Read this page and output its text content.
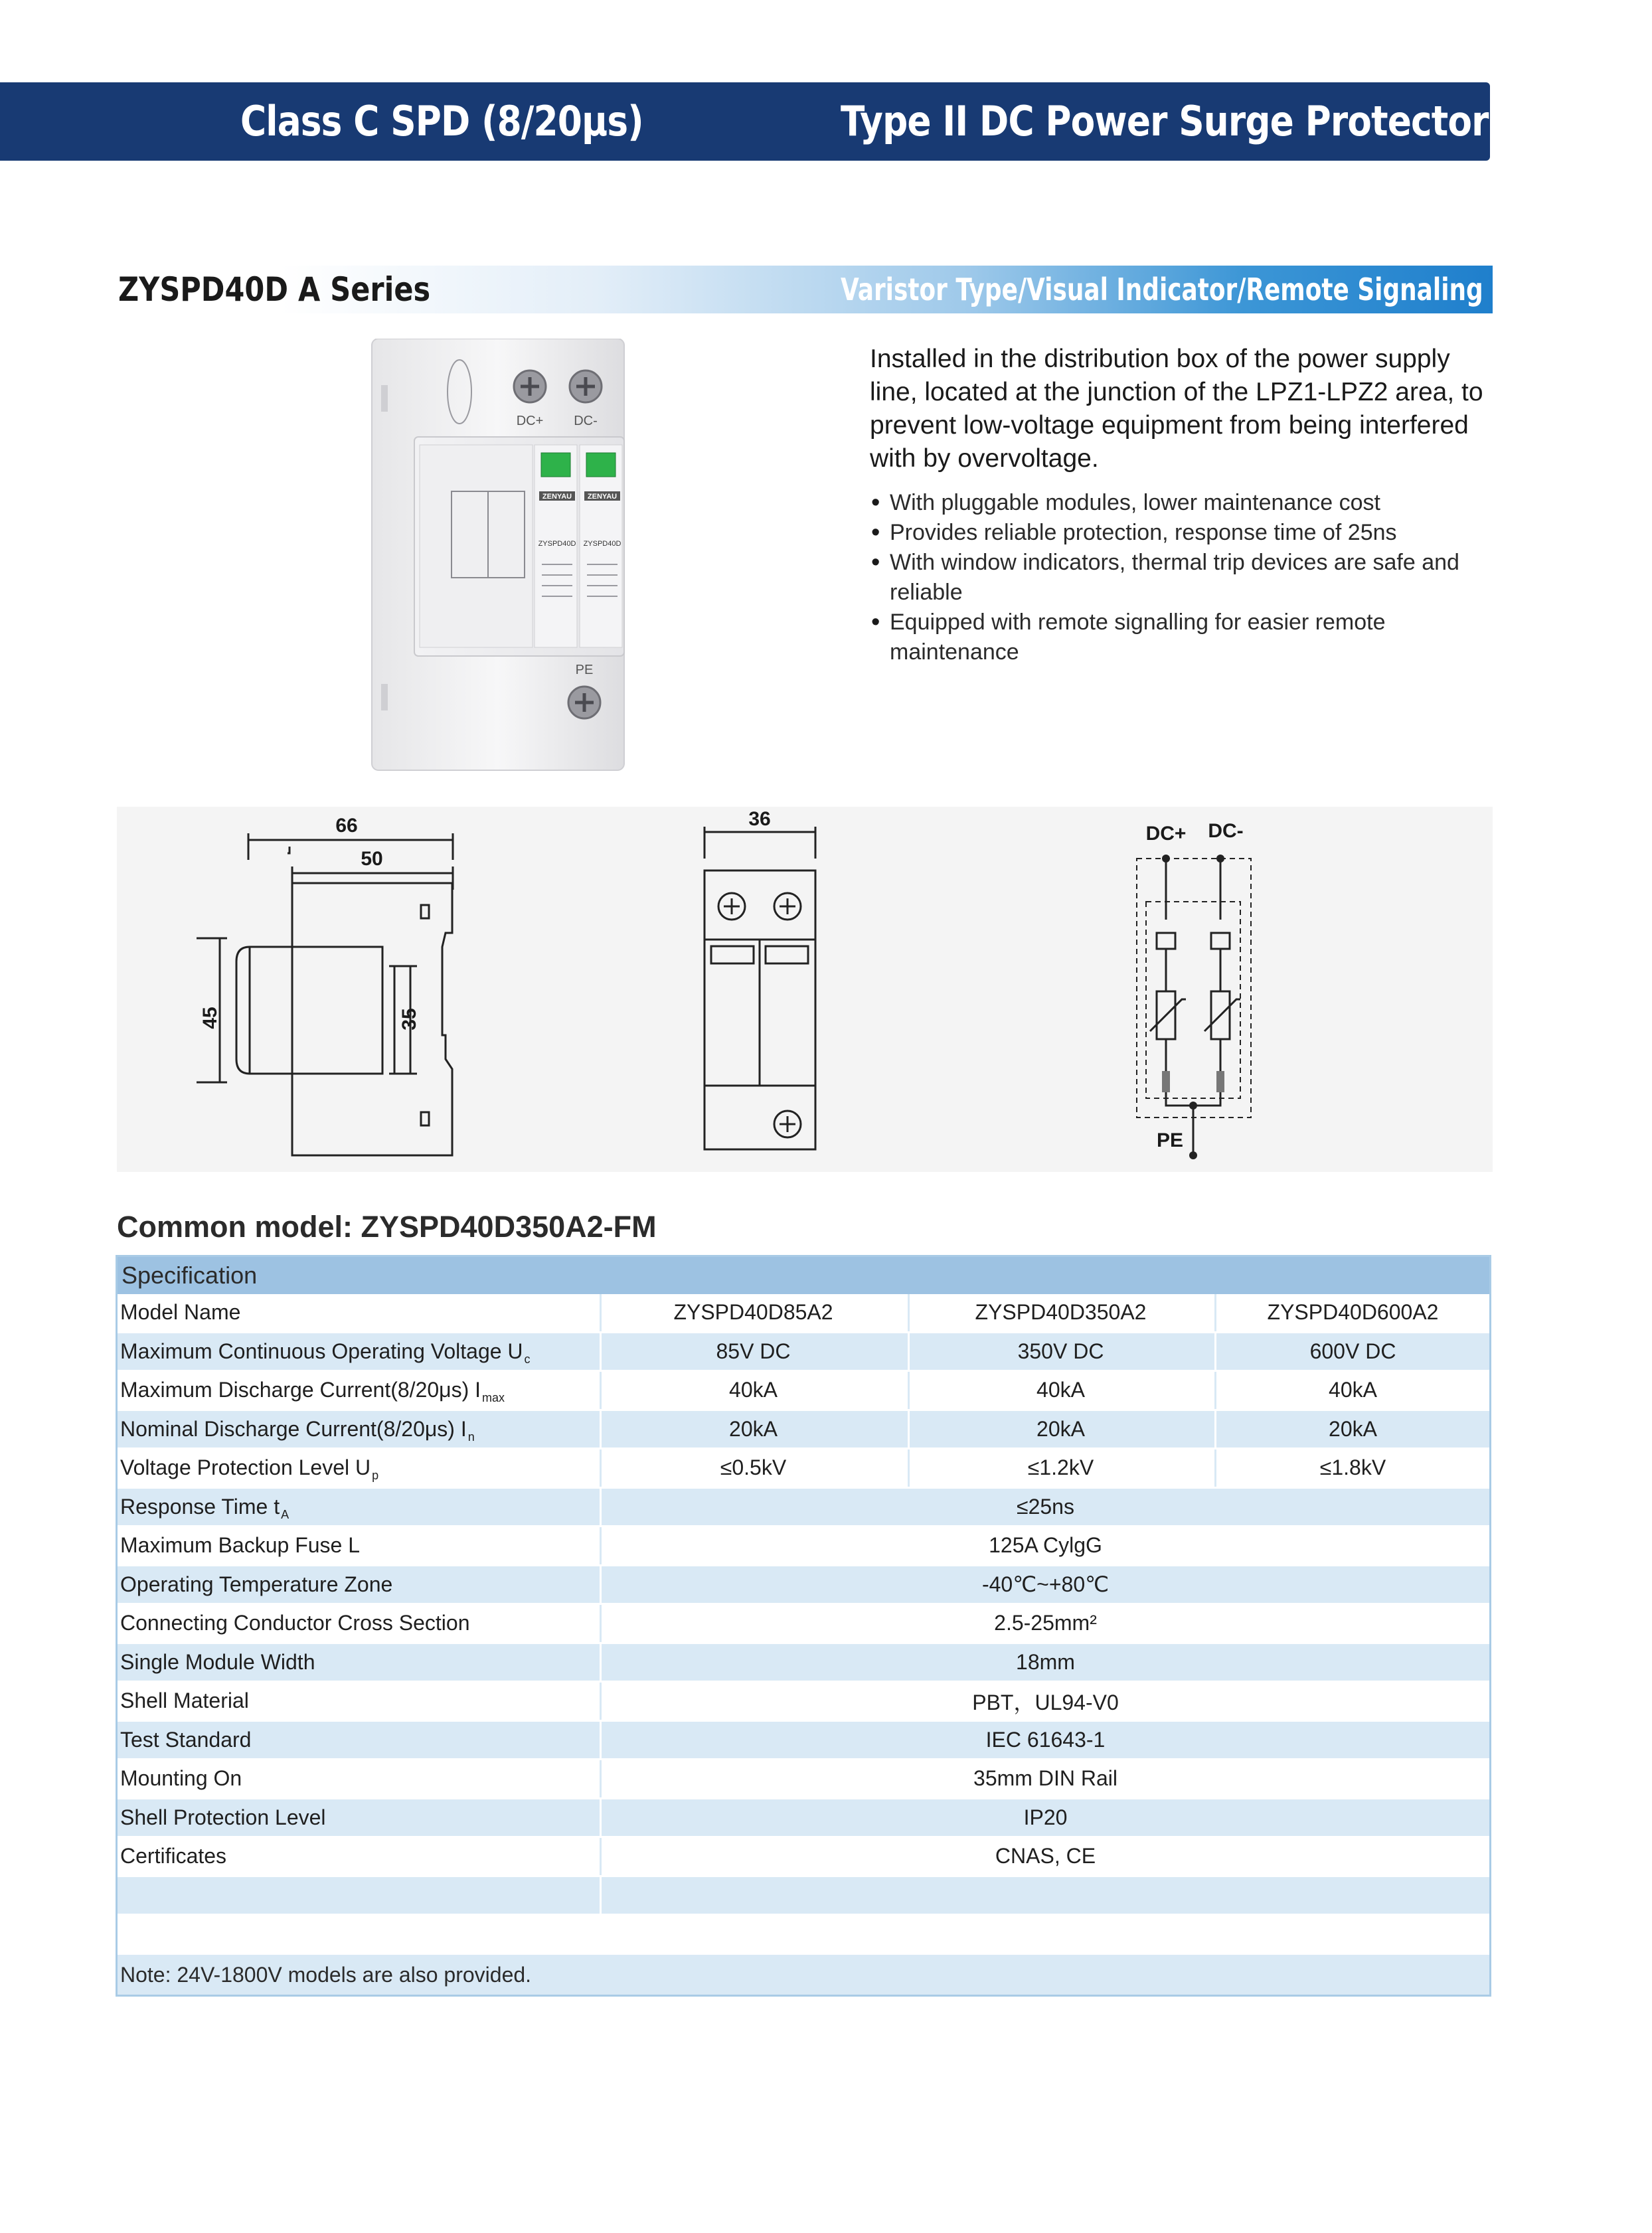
Class C SPD (8/20μs)	Type II DC Power Surge Protector
ZYSPD40D A Series	Varistor Type/Visual Indicator/Remote Signaling
DC+ DC-
ZENYAU ZENYAU
ZYSPD40D ZYSPD40D
PE
Installed in the distribution box of the power supply line, located at the junction of the LPZ1-LPZ2 area, to prevent low-voltage equipment from being interfered with by overvoltage.
• With pluggable modules, lower maintenance cost
• Provides reliable protection, response time of 25ns
• With window indicators, thermal trip devices are safe and reliable
• Equipped with remote signalling for easier remote maintenance
66
50
45	35
36
DC+ DC-
PE
Common model: ZYSPD40D350A2-FM
Specification
Model Name	ZYSPD40D85A2	ZYSPD40D350A2	ZYSPD40D600A2
Maximum Continuous Operating Voltage U c	85V DC	350V DC	600V DC
Maximum Discharge Current(8/20μs) I max	40kA	40kA	40kA
Nominal Discharge Current(8/20μs) I n	20kA	20kA	20kA
Voltage Protection Level U p	≤0.5kV	≤1.2kV	≤1.8kV
Response Time t A	≤25ns
Maximum Backup Fuse L	125A CylgG
Operating Temperature Zone	-40℃~+80℃
Connecting Conductor Cross Section	2.5-25mm²
Single Module Width	18mm
Shell Material	PBT，UL94-V0
Test Standard	IEC 61643-1
Mounting On	35mm DIN Rail
Shell Protection Level	IP20
Certificates	CNAS, CE
Note: 24V-1800V models are also provided.
